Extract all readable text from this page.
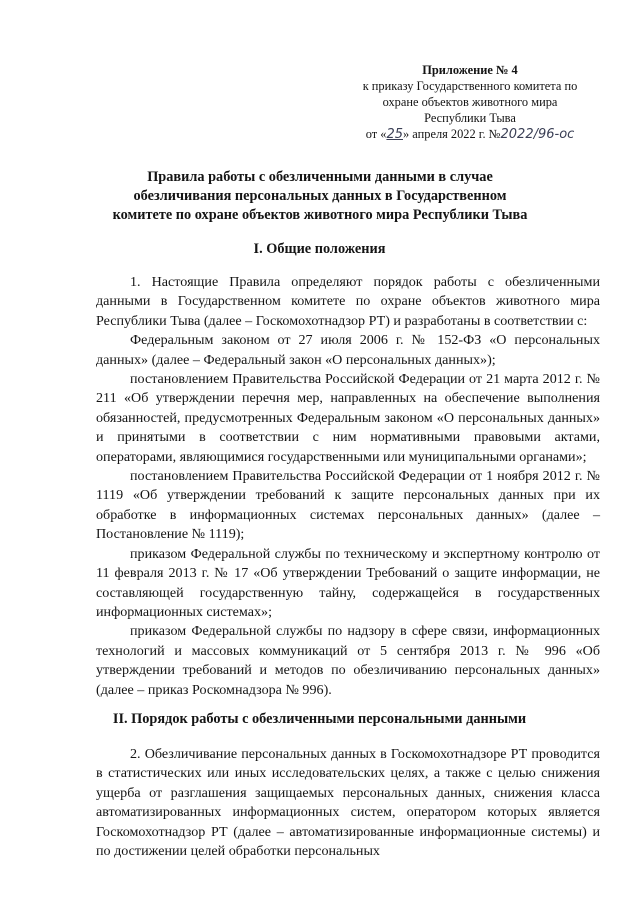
Приложение № 4
к приказу Государственного комитета по
охране объектов животного мира
Республики Тыва
от «25» апреля 2022 г. №2022/96-ос
Правила работы с обезличенными данными в случае обезличивания персональных данных в Государственном комитете по охране объектов животного мира Республики Тыва
I. Общие положения

1. Настоящие Правила определяют порядок работы с обезличенными данными в Государственном комитете по охране объектов животного мира Республики Тыва (далее – Госкомохотнадзор РТ) и разработаны в соответствии с:

Федеральным законом от 27 июля 2006 г. № 152-ФЗ «О персональных данных» (далее – Федеральный закон «О персональных данных»);

постановлением Правительства Российской Федерации от 21 марта 2012 г. № 211 «Об утверждении перечня мер, направленных на обеспечение выполнения обязанностей, предусмотренных Федеральным законом «О персональных данных» и принятыми в соответствии с ним нормативными правовыми актами, операторами, являющимися государственными или муниципальными органами»;

постановлением Правительства Российской Федерации от 1 ноября 2012 г. № 1119 «Об утверждении требований к защите персональных данных при их обработке в информационных системах персональных данных» (далее – Постановление № 1119);

приказом Федеральной службы по техническому и экспертному контролю от 11 февраля 2013 г. № 17 «Об утверждении Требований о защите информации, не составляющей государственную тайну, содержащейся в государственных информационных системах»;

приказом Федеральной службы по надзору в сфере связи, информационных технологий и массовых коммуникаций от 5 сентября 2013 г. № 996 «Об утверждении требований и методов по обезличиванию персональных данных» (далее – приказ Роскомнадзора № 996).

II. Порядок работы с обезличенными персональными данными

2. Обезличивание персональных данных в Госкомохотнадзоре РТ проводится в статистических или иных исследовательских целях, а также с целью снижения ущерба от разглашения защищаемых персональных данных, снижения класса автоматизированных информационных систем, оператором которых является Госкомохотнадзор РТ (далее – автоматизированные информационные системы) и по достижении целей обработки персональных
